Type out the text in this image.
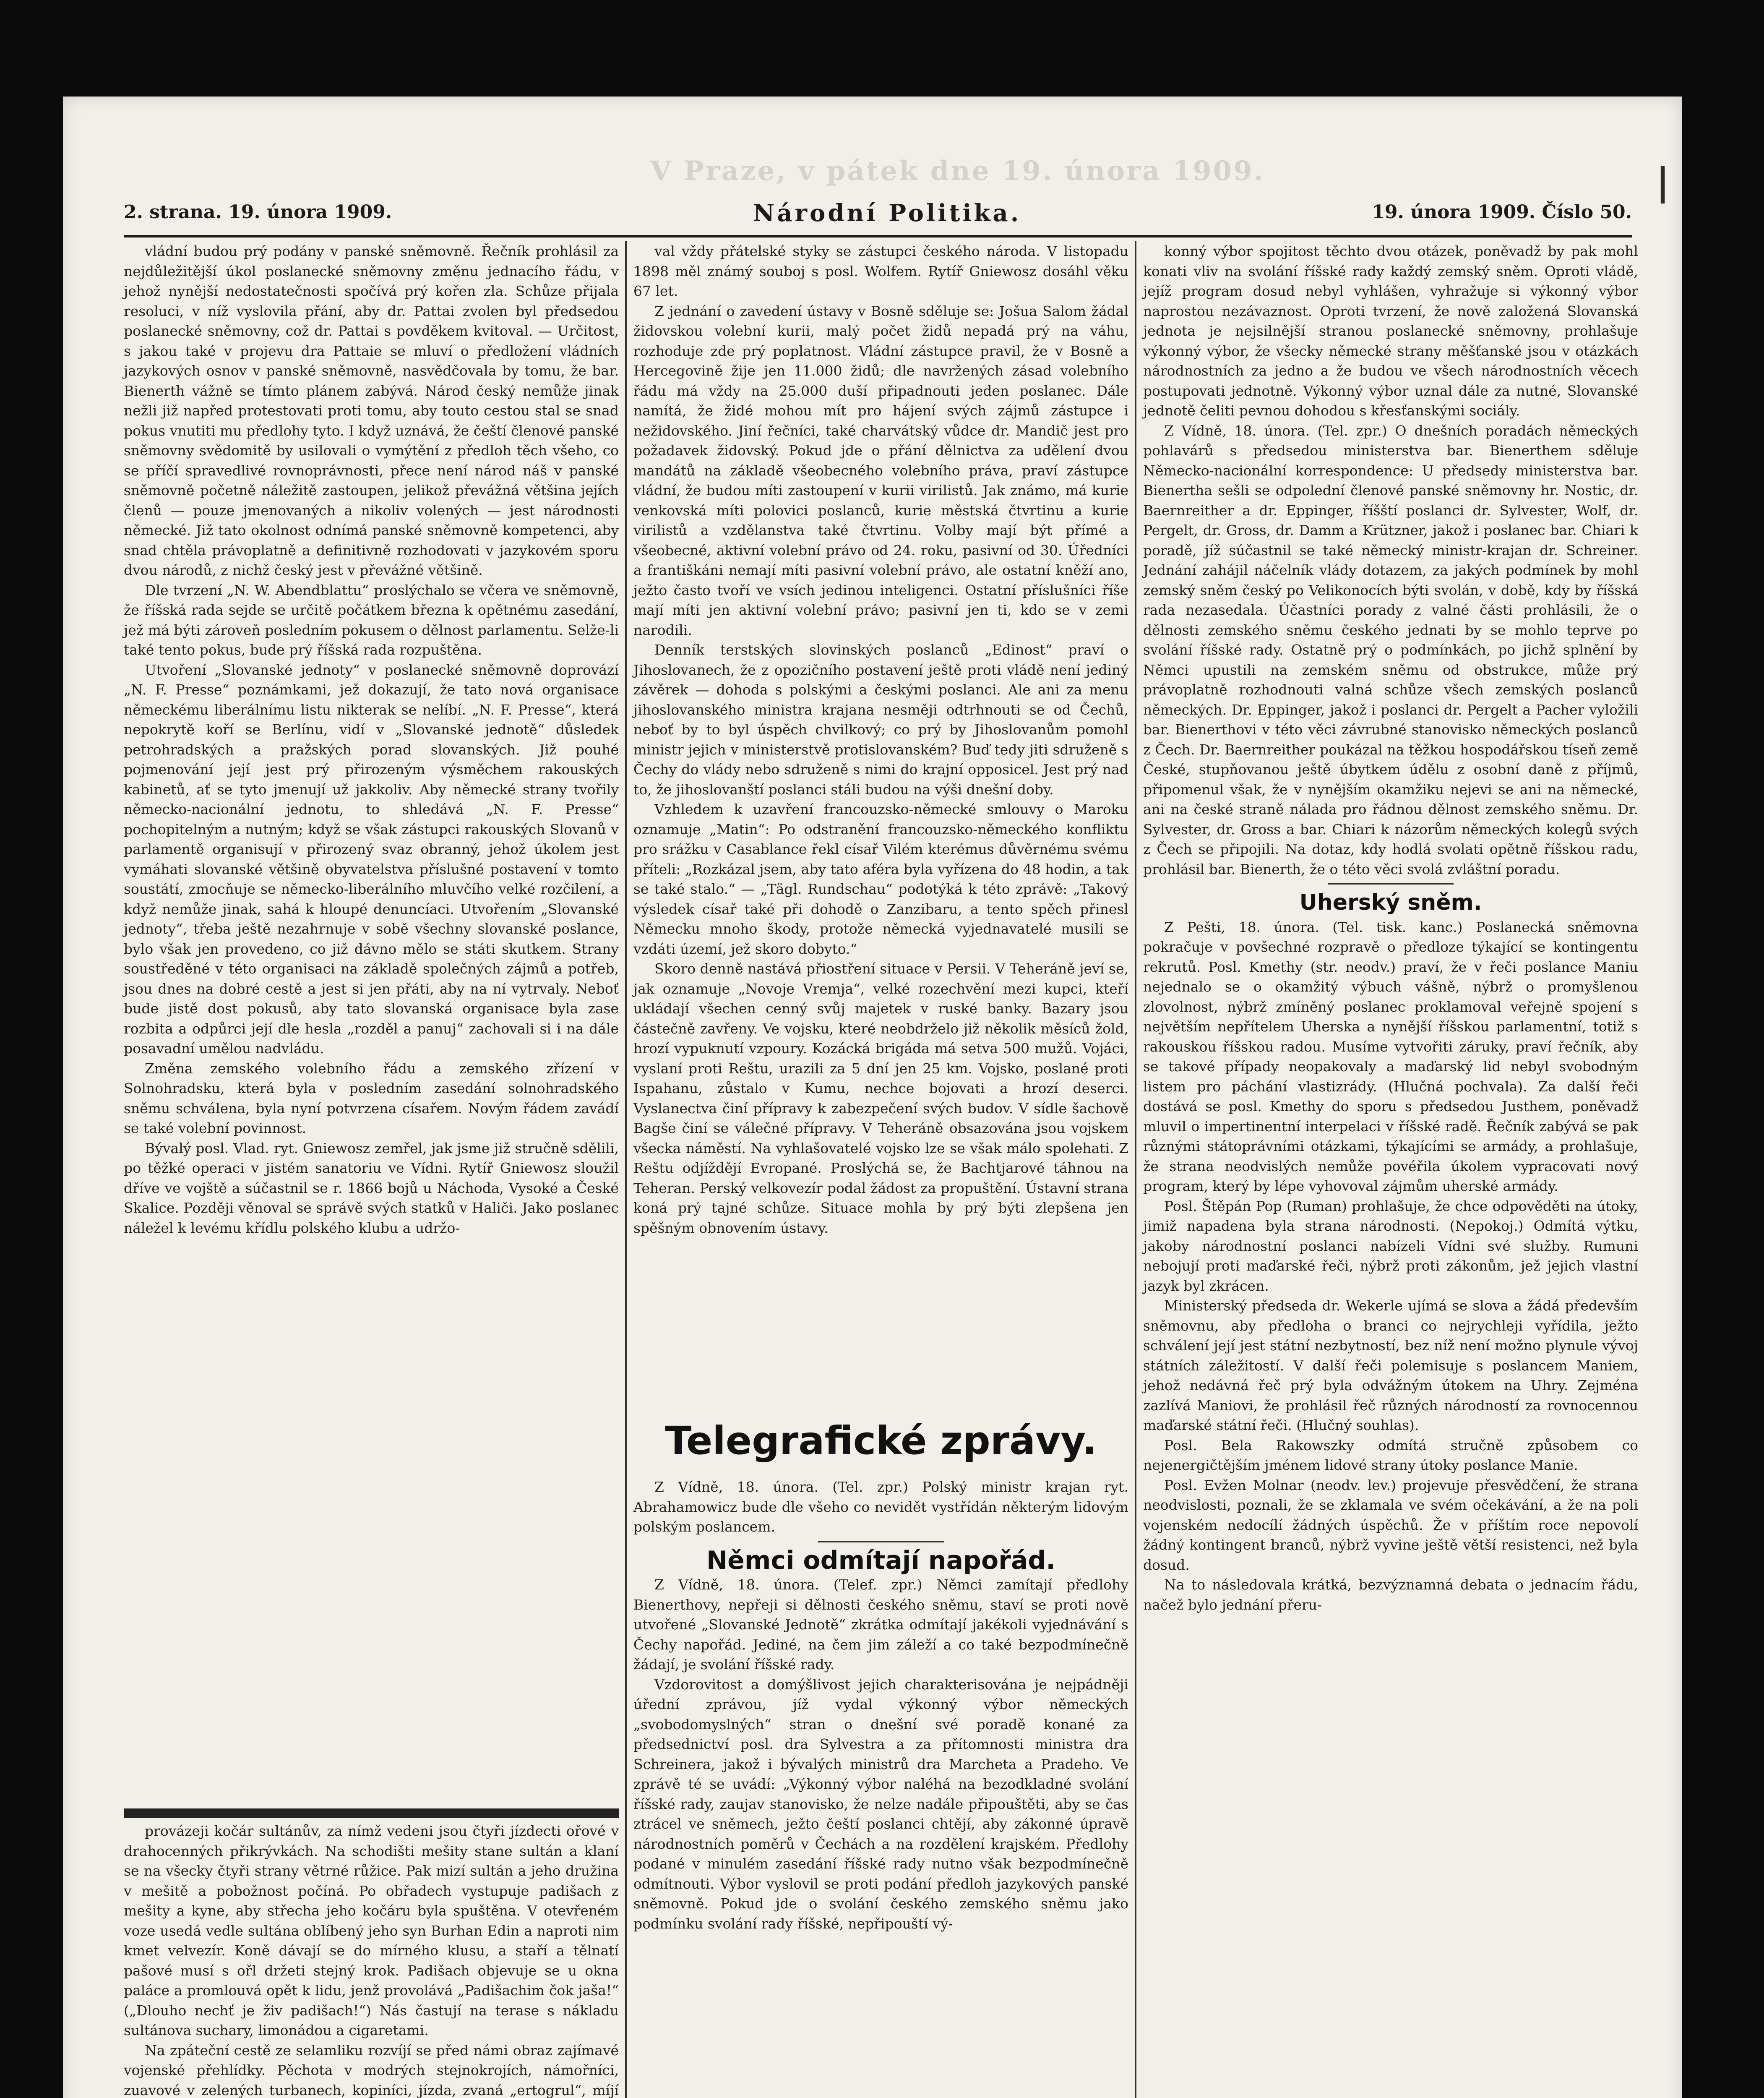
V Praze, v pátek dne 19. února 1909.	|
2. strana. 19. února 1909.	Národní Politika.	19. února 1909. Číslo 50.

vládní budou prý podány v panské sněmovně. Řečník prohlásil za nejdůležitější úkol poslanecké sněmovny změnu jednacího řádu, v jehož nynější nedostatečnosti spočívá prý kořen zla. Schůze přijala resoluci, v níž vyslovila přání, aby dr. Pattai zvolen byl předsedou poslanecké sněmovny, což dr. Pattai s povděkem kvitoval. — Určitost, s jakou také v projevu dra Pattaie se mluví o předložení vládních jazykových osnov v panské sněmovně, nasvědčovala by tomu, že bar. Bienerth vážně se tímto plánem zabývá. Národ český nemůže jinak nežli již napřed protestovati proti tomu, aby touto cestou stal se snad pokus vnutiti mu předlohy tyto. I když uznává, že čeští členové panské sněmovny svědomitě by usilovali o vymýtění z předloh těch všeho, co se příčí spravedlivé rovnoprávnosti, přece není národ náš v panské sněmovně početně náležitě zastoupen, jelikož převážná většina jejích členů — pouze jmenovaných a nikoliv volených — jest národnosti německé. Již tato okolnost odnímá panské sněmovně kompetenci, aby snad chtěla právoplatně a definitivně rozhodovati v jazykovém sporu dvou národů, z nichž český jest v převážné většině.

Dle tvrzení „N. W. Abendblattu“ proslýchalo se včera ve sněmovně, že říšská rada sejde se určitě počátkem března k opětnému zasedání, jež má býti zároveň posledním pokusem o dělnost parlamentu. Selže-li také tento pokus, bude prý říšská rada rozpuštěna.

Utvoření „Slovanské jednoty“ v poslanecké sněmovně doprovází „N. F. Presse“ poznámkami, jež dokazují, že tato nová organisace německému liberálnímu listu nikterak se nelíbí. „N. F. Presse“, která nepokrytě koří se Berlínu, vidí v „Slovanské jednotě“ důsledek petrohradských a pražských porad slovanských. Již pouhé pojmenování její jest prý přirozeným výsměchem rakouských kabinetů, ať se tyto jmenují už jakkoliv. Aby německé strany tvořily německo-nacionální jednotu, to shledává „N. F. Presse“ pochopitelným a nutným; když se však zástupci rakouských Slovanů v parlamentě organisují v přirozený svaz obranný, jehož úkolem jest vymáhati slovanské většině obyvatelstva příslušné postavení v tomto soustátí, zmocňuje se německo-liberálního mluvčího velké rozčilení, a když nemůže jinak, sahá k hloupé denuncíaci. Utvořením „Slovanské jednoty“, třeba ještě nezahrnuje v sobě všechny slovanské poslance, bylo však jen provedeno, co již dávno mělo se státi skutkem. Strany soustředěné v této organisaci na základě společných zájmů a potřeb, jsou dnes na dobré cestě a jest si jen přáti, aby na ní vytrvaly. Neboť bude jistě dost pokusů, aby tato slovanská organisace byla zase rozbita a odpůrci její dle hesla „rozděl a panuj“ zachovali si i na dále posavadní umělou nadvládu.

Změna zemského volebního řádu a zemského zřízení v Solnohradsku, která byla v posledním zasedání solnohradského sněmu schválena, byla nyní potvrzena císařem. Novým řádem zavádí se také volební povinnost.

Bývalý posl. Vlad. ryt. Gniewosz zemřel, jak jsme již stručně sdělili, po těžké operaci v jistém sanatoriu ve Vídni. Rytíř Gniewosz sloužil dříve ve vojště a súčastnil se r. 1866 bojů u Náchoda, Vysoké a České Skalice. Později věnoval se správě svých statků v Haliči. Jako poslanec náležel k levému křídlu polského klubu a udržo-

provázeji kočár sultánův, za nímž vedeni jsou čtyři jízdecti ořové v drahocenných přikrývkách. Na schodišti mešity stane sultán a klaní se na všecky čtyři strany větrné růžice. Pak mizí sultán a jeho družina v mešitě a pobožnost počíná. Po obřadech vystupuje padišach z mešity a kyne, aby střecha jeho kočáru byla spuštěna. V otevřeném voze usedá vedle sultána oblíbený jeho syn Burhan Edin a naproti nim kmet velvezír. Koně dávají se do mírného klusu, a staří a tělnatí pašové musí s ořl držeti stejný krok. Padišach objevuje se u okna paláce a promlouvá opět k lidu, jenž provolává „Padišachim čok jaša!“ („Dlouho nechť je živ padišach!“) Nás častují na terase s nákladu sultánova suchary, limonádou a cigaretami.

Na zpáteční cestě ze selamliku rozvíjí se před námi obraz zajímavé vojenské přehlídky. Pěchota v modrých stejnokrojích, námořníci, zuavové v zelených turbanech, kopiníci, jízda, zvaná „ertogrul“, míjí

val vždy přátelské styky se zástupci českého národa. V listopadu 1898 měl známý souboj s posl. Wolfem. Rytíř Gniewosz dosáhl věku 67 let.

Z jednání o zavedení ústavy v Bosně sděluje se: Jošua Salom žádal židovskou volební kurii, malý počet židů nepadá prý na váhu, rozhoduje zde prý poplatnost. Vládní zástupce pravil, že v Bosně a Hercegovině žije jen 11.000 židů; dle navržených zásad volebního řádu má vždy na 25.000 duší připadnouti jeden poslanec. Dále namítá, že židé mohou mít pro hájení svých zájmů zástupce i nežidovského. Jiní řečníci, také charvátský vůdce dr. Mandič jest pro požadavek židovský. Pokud jde o přání dělnictva za udělení dvou mandátů na základě všeobecného volebního práva, praví zástupce vládní, že budou míti zastoupení v kurii virilistů. Jak známo, má kurie venkovská míti polovici poslanců, kurie městská čtvrtinu a kurie virilistů a vzdělanstva také čtvrtinu. Volby mají být přímé a všeobecné, aktivní volební právo od 24. roku, pasivní od 30. Úředníci a františkáni nemají míti pasivní volební právo, ale ostatní kněží ano, ježto často tvoří ve vsích jedinou inteligenci. Ostatní příslušníci říše mají míti jen aktivní volební právo; pasivní jen ti, kdo se v zemi narodili.

Denník terstských slovinských poslanců „Edinost“ praví o Jihoslovanech, že z opozičního postavení ještě proti vládě není jediný závěrek — dohoda s polskými a českými poslanci. Ale ani za menu jihoslovanského ministra krajana nesměji odtrhnouti se od Čechů, neboť by to byl úspěch chvilkový; co prý by Jihoslovanům pomohl ministr jejich v ministerstvě protislovanském? Buď tedy jiti sdruženě s Čechy do vlády nebo sdruženě s nimi do krajní opposicel. Jest prý nad to, že jihoslovanští poslanci stáli budou na výši dnešní doby.

Vzhledem k uzavření francouzsko-německé smlouvy o Maroku oznamuje „Matin“: Po odstranění francouzsko-německého konfliktu pro srážku v Casablance řekl císař Vilém kterémus důvěrnému svému příteli: „Rozkázal jsem, aby tato aféra byla vyřízena do 48 hodin, a tak se také stalo.“ — „Tägl. Rundschau“ podotýká k této zprávě: „Takový výsledek císař také při dohodě o Zanzibaru, a tento spěch přinesl Německu mnoho škody, protože německá vyjednavatelé musili se vzdáti území, jež skoro dobyto.“

Skoro denně nastává přiostření situace v Persii. V Teheráně jeví se, jak oznamuje „Novoje Vremja“, velké rozechvění mezi kupci, kteří ukládají všechen cenný svůj majetek v ruské banky. Bazary jsou částečně zavřeny. Ve vojsku, které neobdrželo již několik měsíců žold, hrozí vypuknutí vzpoury. Kozácká brigáda má setva 500 mužů. Vojáci, vyslaní proti Reštu, urazili za 5 dní jen 25 km. Vojsko, poslané proti Ispahanu, zůstalo v Kumu, nechce bojovati a hrozí deserci. Vyslanectva činí přípravy k zabezpečení svých budov. V sídle šachově Bagše činí se válečné přípravy. V Teheráně obsazována jsou vojskem všecka náměstí. Na vyhlašovatelé vojsko lze se však málo spolehati. Z Reštu odjíždějí Evropané. Proslýchá se, že Bachtjarové táhnou na Teheran. Perský velkovezír podal žádost za propuštění. Ústavní strana koná prý tajné schůze. Situace mohla by prý býti zlepšena jen spěšným obnovením ústavy.

Telegrafické zprávy.

Z Vídně, 18. února. (Tel. zpr.) Polský ministr krajan ryt. Abrahamowicz bude dle všeho co nevidět vystřídán některým lidovým polským poslancem.

Němci odmítají napořád.

Z Vídně, 18. února. (Telef. zpr.) Němci zamítají předlohy Bienerthovy, nepřeji si dělnosti českého sněmu, staví se proti nově utvořené „Slovanské Jednotě“ zkrátka odmítají jakékoli vyjednávání s Čechy napořád. Jediné, na čem jim záleží a co také bezpodmínečně žádají, je svolání říšské rady.

Vzdorovitost a domýšlivost jejich charakterisována je nejpádněji úřední zprávou, jíž vydal výkonný výbor německých „svobodomyslných“ stran o dnešní své poradě konané za předsednictví posl. dra Sylvestra a za přítomnosti ministra dra Schreinera, jakož i bývalých ministrů dra Marcheta a Pradeho. Ve zprávě té se uvádí: „Výkonný výbor naléhá na bezodkladné svolání říšské rady, zaujav stanovisko, že nelze nadále připouštěti, aby se čas ztrácel ve sněmech, ježto čeští poslanci chtějí, aby zákonné úpravě národnostních poměrů v Čechách a na rozdělení krajském. Předlohy podané v minulém zasedání říšské rady nutno však bezpodmínečně odmítnouti. Výbor vyslovil se proti podání předloh jazykových panské sněmovně. Pokud jde o svolání českého zemského sněmu jako podmínku svolání rady říšské, nepřipouští vý-

konný výbor spojitost těchto dvou otázek, poněvadž by pak mohl konati vliv na svolání říšské rady každý zemský sněm. Oproti vládě, jejíž program dosud nebyl vyhlášen, vyhražuje si výkonný výbor naprostou nezávaznost. Oproti tvrzení, že nově založená Slovanská jednota je nejsilnější stranou poslanecké sněmovny, prohlašuje výkonný výbor, že všecky německé strany měšťanské jsou v otázkách národnostních za jedno a že budou ve všech národnostních věcech postupovati jednotně. Výkonný výbor uznal dále za nutné, Slovanské jednotě čeliti pevnou dohodou s křesťanskými sociály.

Z Vídně, 18. února. (Tel. zpr.) O dnešních poradách německých pohlavárů s předsedou ministerstva bar. Bienerthem sděluje Německo-nacionální korrespondence: U předsedy ministerstva bar. Bienertha sešli se odpolední členové panské sněmovny hr. Nostic, dr. Baernreither a dr. Eppinger, říšští poslanci dr. Sylvester, Wolf, dr. Pergelt, dr. Gross, dr. Damm a Krützner, jakož i poslanec bar. Chiari k poradě, jíž súčastnil se také německý ministr-krajan dr. Schreiner. Jednání zahájil náčelník vlády dotazem, za jakých podmínek by mohl zemský sněm český po Velikonocích býti svolán, v době, kdy by říšská rada nezasedala. Účastníci porady z valné části prohlásili, že o dělnosti zemského sněmu českého jednati by se mohlo teprve po svolání říšské rady. Ostatně prý o podmínkách, po jichž splnění by Němci upustili na zemském sněmu od obstrukce, může prý právoplatně rozhodnouti valná schůze všech zemských poslanců německých. Dr. Eppinger, jakož i poslanci dr. Pergelt a Pacher vyložili bar. Bienerthovi v této věci závrubné stanovisko německých poslanců z Čech. Dr. Baernreither poukázal na těžkou hospodářskou tíseň země České, stupňovanou ještě úbytkem údělu z osobní daně z příjmů, připomenul však, že v nynějším okamžiku nejevi se ani na německé, ani na české straně nálada pro řádnou dělnost zemského sněmu. Dr. Sylvester, dr. Gross a bar. Chiari k názorům německých kolegů svých z Čech se připojili. Na dotaz, kdy hodlá svolati opětně říšskou radu, prohlásil bar. Bienerth, že o této věci svolá zvláštní poradu.

Uherský sněm.

Z Pešti, 18. února. (Tel. tisk. kanc.) Poslanecká sněmovna pokračuje v povšechné rozpravě o předloze týkající se kontingentu rekrutů. Posl. Kmethy (str. neodv.) praví, že v řeči poslance Maniu nejednalo se o okamžitý výbuch vášně, nýbrž o promyšlenou zlovolnost, nýbrž zmíněný poslanec proklamoval veřejně spojení s největším nepřítelem Uherska a nynější říšskou parlamentní, totiž s rakouskou říšskou radou. Musíme vytvořiti záruky, praví řečník, aby se takové případy neopakovaly a maďarský lid nebyl svobodným listem pro páchání vlastizrády. (Hlučná pochvala). Za další řeči dostává se posl. Kmethy do sporu s předsedou Justhem, poněvadž mluvil o impertinentní interpelaci v říšské radě. Řečník zabývá se pak různými státoprávními otázkami, týkajícími se armády, a prohlašuje, že strana neodvislých nemůže povéřila úkolem vypracovati nový program, který by lépe vyhovoval zájmům uherské armády.

Posl. Štěpán Pop (Ruman) prohlašuje, že chce odpověděti na útoky, jimiž napadena byla strana národnosti. (Nepokoj.) Odmítá výtku, jakoby národnostní poslanci nabízeli Vídni své služby. Rumuni nebojují proti maďarské řeči, nýbrž proti zákonům, jež jejich vlastní jazyk byl zkrácen.

Ministerský předseda dr. Wekerle ujímá se slova a žádá především sněmovnu, aby předloha o branci co nejrychleji vyřídila, ježto schválení její jest státní nezbytností, bez níž není možno plynule vývoj státních záležitostí. V další řeči polemisuje s poslancem Maniem, jehož nedávná řeč prý byla odvážným útokem na Uhry. Zejména zazlívá Maniovi, že prohlásil řeč různých národností za rovnocennou maďarské státní řeči. (Hlučný souhlas).

Posl. Bela Rakowszky odmítá stručně způsobem co nejenergičtějším jménem lidové strany útoky poslance Manie.

Posl. Evžen Molnar (neodv. lev.) projevuje přesvědčení, že strana neodvislosti, poznali, že se zklamala ve svém očekávání, a že na poli vojenském nedocílí žádných úspěchů. Že v příštím roce nepovolí žádný kontingent branců, nýbrž vyvine ještě větší resistenci, než byla dosud.

Na to následovala krátká, bezvýznamná debata o jednacím řádu, načež bylo jednání přeru-
